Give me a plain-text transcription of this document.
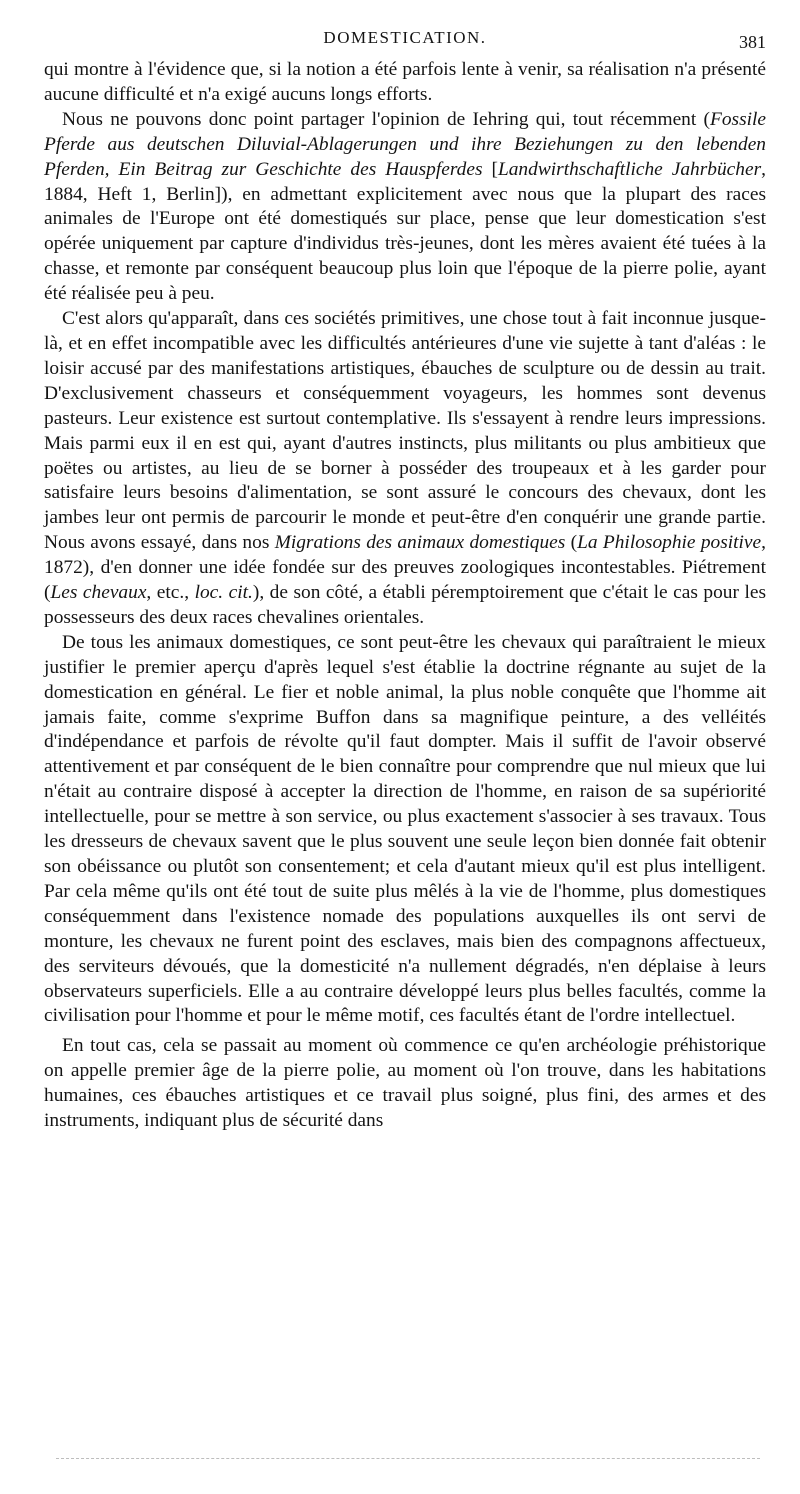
DOMESTICATION.	381

qui montre à l'évidence que, si la notion a été parfois lente à venir, sa réalisation n'a présenté aucune difficulté et n'a exigé aucuns longs efforts.

Nous ne pouvons donc point partager l'opinion de Iehring qui, tout récemment (Fossile Pferde aus deutschen Diluvial-Ablagerungen und ihre Beziehungen zu den lebenden Pferden, Ein Beitrag zur Geschichte des Hauspferdes [Landwirthschaftliche Jahrbücher, 1884, Heft 1, Berlin]), en admettant explicitement avec nous que la plupart des races animales de l'Europe ont été domestiqués sur place, pense que leur domestication s'est opérée uniquement par capture d'individus très-jeunes, dont les mères avaient été tuées à la chasse, et remonte par conséquent beaucoup plus loin que l'époque de la pierre polie, ayant été réalisée peu à peu.

C'est alors qu'apparaît, dans ces sociétés primitives, une chose tout à fait inconnue jusque-là, et en effet incompatible avec les difficultés antérieures d'une vie sujette à tant d'aléas : le loisir accusé par des manifestations artistiques, ébauches de sculpture ou de dessin au trait. D'exclusivement chasseurs et conséquemment voyageurs, les hommes sont devenus pasteurs. Leur existence est surtout contemplative. Ils s'essayent à rendre leurs impressions. Mais parmi eux il en est qui, ayant d'autres instincts, plus militants ou plus ambitieux que poëtes ou artistes, au lieu de se borner à posséder des troupeaux et à les garder pour satisfaire leurs besoins d'alimentation, se sont assuré le concours des chevaux, dont les jambes leur ont permis de parcourir le monde et peut-être d'en conquérir une grande partie. Nous avons essayé, dans nos Migrations des animaux domestiques (La Philosophie positive, 1872), d'en donner une idée fondée sur des preuves zoologiques incontestables. Piétrement (Les chevaux, etc., loc. cit.), de son côté, a établi péremptoirement que c'était le cas pour les possesseurs des deux races chevalines orientales.

De tous les animaux domestiques, ce sont peut-être les chevaux qui paraîtraient le mieux justifier le premier aperçu d'après lequel s'est établie la doctrine régnante au sujet de la domestication en général. Le fier et noble animal, la plus noble conquête que l'homme ait jamais faite, comme s'exprime Buffon dans sa magnifique peinture, a des velléités d'indépendance et parfois de révolte qu'il faut dompter. Mais il suffit de l'avoir observé attentivement et par conséquent de le bien connaître pour comprendre que nul mieux que lui n'était au contraire disposé à accepter la direction de l'homme, en raison de sa supériorité intellectuelle, pour se mettre à son service, ou plus exactement s'associer à ses travaux. Tous les dresseurs de chevaux savent que le plus souvent une seule leçon bien donnée fait obtenir son obéissance ou plutôt son consentement; et cela d'autant mieux qu'il est plus intelligent. Par cela même qu'ils ont été tout de suite plus mêlés à la vie de l'homme, plus domestiques conséquemment dans l'existence nomade des populations auxquelles ils ont servi de monture, les chevaux ne furent point des esclaves, mais bien des compagnons affectueux, des serviteurs dévoués, que la domesticité n'a nullement dégradés, n'en déplaise à leurs observateurs superficiels. Elle a au contraire développé leurs plus belles facultés, comme la civilisation pour l'homme et pour le même motif, ces facultés étant de l'ordre intellectuel.

En tout cas, cela se passait au moment où commence ce qu'en archéologie préhistorique on appelle premier âge de la pierre polie, au moment où l'on trouve, dans les habitations humaines, ces ébauches artistiques et ce travail plus soigné, plus fini, des armes et des instruments, indiquant plus de sécurité dans
